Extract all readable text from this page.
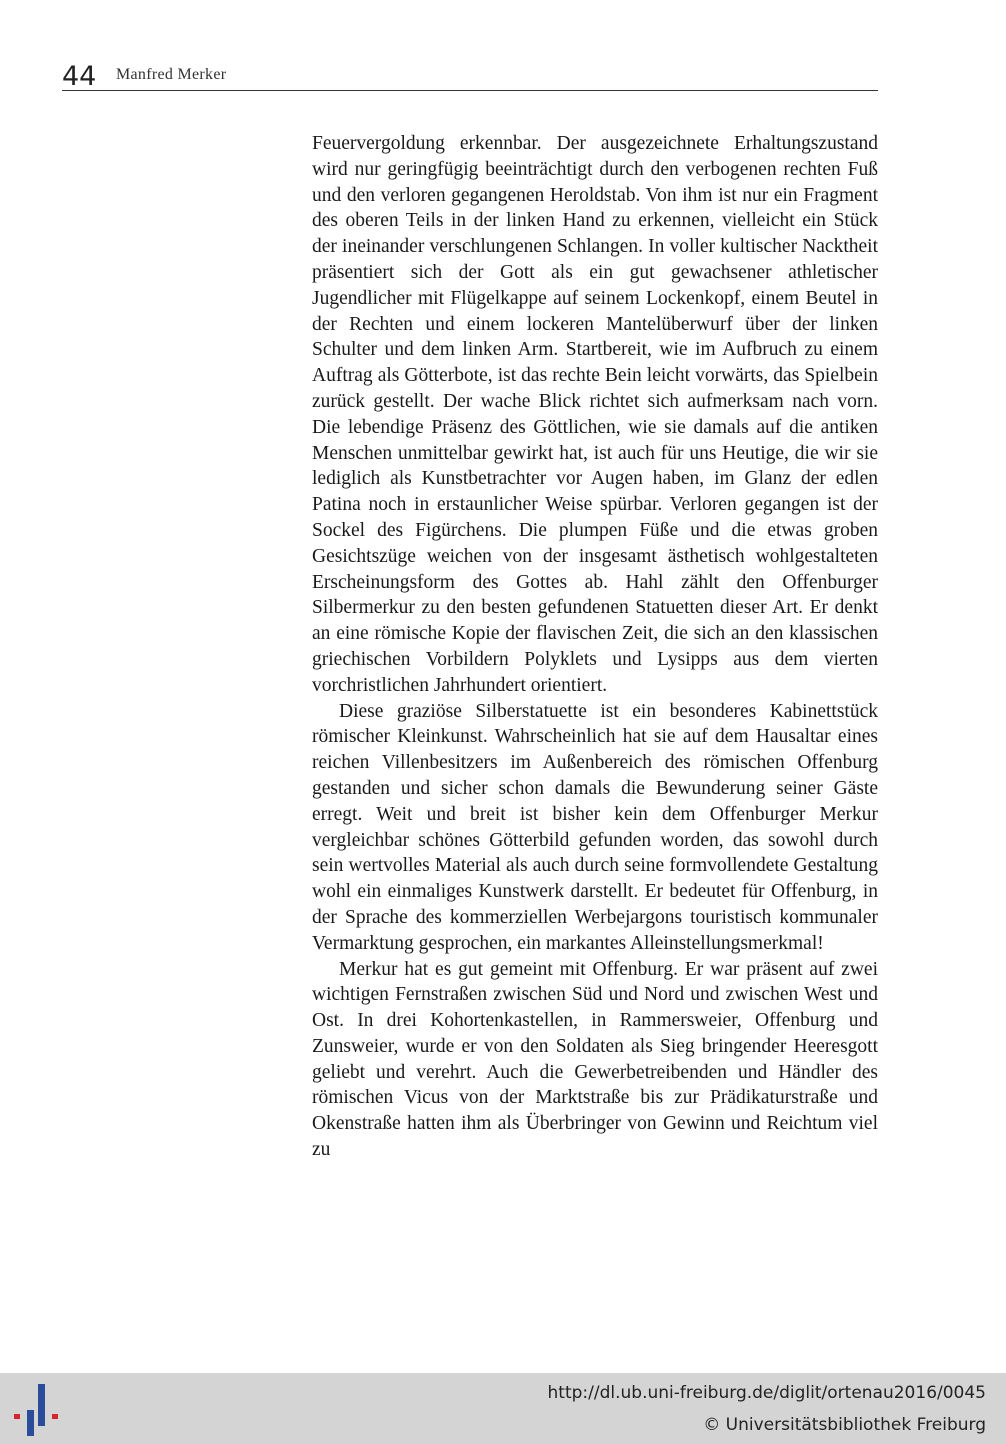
44 Manfred Merker

Feuervergoldung erkennbar. Der ausgezeichnete Erhaltungszustand wird nur geringfügig beeinträchtigt durch den verbogenen rechten Fuß und den verloren gegangenen Heroldstab. Von ihm ist nur ein Fragment des oberen Teils in der linken Hand zu erkennen, vielleicht ein Stück der ineinander verschlungenen Schlangen. In voller kultischer Nacktheit präsentiert sich der Gott als ein gut gewachsener athletischer Jugendlicher mit Flügelkappe auf seinem Lockenkopf, einem Beutel in der Rechten und einem lockeren Mantelüberwurf über der linken Schulter und dem linken Arm. Startbereit, wie im Aufbruch zu einem Auftrag als Götterbote, ist das rechte Bein leicht vorwärts, das Spielbein zurück gestellt. Der wache Blick richtet sich aufmerksam nach vorn. Die lebendige Präsenz des Göttlichen, wie sie damals auf die antiken Menschen unmittelbar gewirkt hat, ist auch für uns Heutige, die wir sie lediglich als Kunstbetrachter vor Augen haben, im Glanz der edlen Patina noch in erstaunlicher Weise spürbar. Verloren gegangen ist der Sockel des Figürchens. Die plumpen Füße und die etwas groben Gesichtszüge weichen von der insgesamt ästhetisch wohlgestalteten Erscheinungsform des Gottes ab. Hahl zählt den Offenburger Silbermerkur zu den besten gefundenen Statuetten dieser Art. Er denkt an eine römische Kopie der flavischen Zeit, die sich an den klassischen griechischen Vorbildern Polyklets und Lysipps aus dem vierten vorchristlichen Jahrhundert orientiert.

Diese graziöse Silberstatuette ist ein besonderes Kabinettstück römischer Kleinkunst. Wahrscheinlich hat sie auf dem Hausaltar eines reichen Villenbesitzers im Außenbereich des römischen Offenburg gestanden und sicher schon damals die Bewunderung seiner Gäste erregt. Weit und breit ist bisher kein dem Offenburger Merkur vergleichbar schönes Götterbild gefunden worden, das sowohl durch sein wertvolles Material als auch durch seine formvollendete Gestaltung wohl ein einmaliges Kunstwerk darstellt. Er bedeutet für Offenburg, in der Sprache des kommerziellen Werbejargons touristisch kommunaler Vermarktung gesprochen, ein markantes Alleinstellungsmerkmal!

Merkur hat es gut gemeint mit Offenburg. Er war präsent auf zwei wichtigen Fernstraßen zwischen Süd und Nord und zwischen West und Ost. In drei Kohortenkastellen, in Rammersweier, Offenburg und Zunsweier, wurde er von den Soldaten als Sieg bringender Heeresgott geliebt und verehrt. Auch die Gewerbetreibenden und Händler des römischen Vicus von der Marktstraße bis zur Prädikaturstraße und Okenstraße hatten ihm als Überbringer von Gewinn und Reichtum viel zu

http://dl.ub.uni-freiburg.de/diglit/ortenau2016/0045
© Universitätsbibliothek Freiburg
